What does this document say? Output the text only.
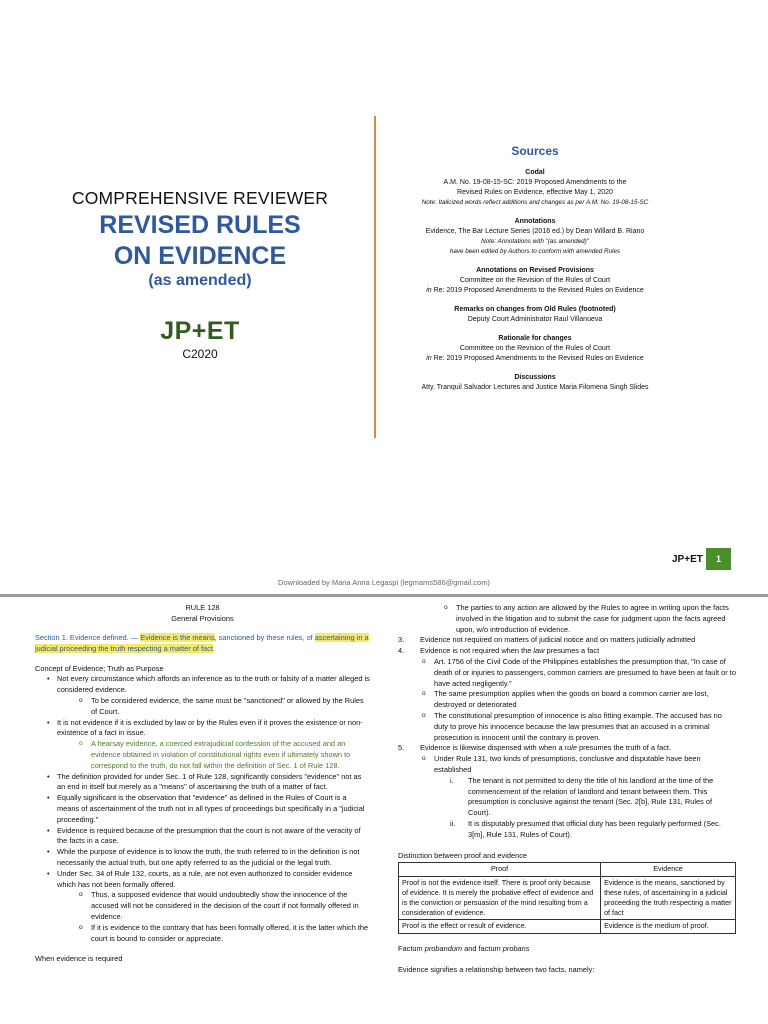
COMPREHENSIVE REVIEWER
REVISED RULES
ON EVIDENCE
(as amended)
JP+ET
C2020
Sources
Codal
A.M. No. 19-08-15-SC: 2019 Proposed Amendments to the
Revised Rules on Evidence, effective May 1, 2020
Note: Italicized words reflect additions and changes as per A.M. No. 19-08-15-SC
Annotations
Evidence, The Bar Lecture Series (2016 ed.) by Dean Willard B. Riano
Note: Annotations with "(as amended)"
have been edited by Authors to conform with amended Rules
Annotations on Revised Provisions
Committee on the Revision of the Rules of Court
in Re: 2019 Proposed Amendments to the Revised Rules on Evidence
Remarks on changes from Old Rules (footnoted)
Deputy Court Administrator Raul Villanueva
Rationale for changes
Committee on the Revision of the Rules of Court
in Re: 2019 Proposed Amendments to the Revised Rules on Evidence
Discussions
Atty. Tranquil Salvador Lectures and Justice Maria Filomena Singh Slides
JP+ET	1
Downloaded by Maria Anna Legaspi (legmams586@gmail.com)
RULE 128
General Provisions
Section 1. Evidence defined. — Evidence is the means, sanctioned by these rules, of ascertaining in a judicial proceeding the truth respecting a matter of fact.
Concept of Evidence; Truth as Purpose
• Not every circumstance which affords an inference as to the truth or falsity of a matter alleged is considered evidence.
o To be considered evidence, the same must be "sanctioned" or allowed by the Rules of Court.
• It is not evidence if it is excluded by law or by the Rules even if it proves the existence or non-existence of a fact in issue.
o A hearsay evidence, a coerced extrajudicial confession of the accused and an evidence obtained in violation of constitutional rights even if ultimately shown to correspond to the truth, do not fall within the definition of Sec. 1 of Rule 128.
• The definition provided for under Sec. 1 of Rule 128, significantly considers "evidence" not as an end in itself but merely as a "means" of ascertaining the truth of a matter of fact.
• Equally significant is the observation that "evidence" as defined in the Rules of Court is a means of ascertainment of the truth not in all types of proceedings but specifically in a "judicial proceeding."
• Evidence is required because of the presumption that the court is not aware of the veracity of the facts in a case.
• While the purpose of evidence is to know the truth, the truth referred to in the definition is not necessarily the actual truth, but one aptly referred to as the judicial or the legal truth.
• Under Sec. 34 of Rule 132, courts, as a rule, are not even authorized to consider evidence which has not been formally offered.
o Thus, a supposed evidence that would undoubtedly show the innocence of the accused will not be considered in the decision of the court if not formally offered in evidence.
o If it is evidence to the contrary that has been formally offered, it is the latter which the court is bound to consider or appreciate.
When evidence is required
o The parties to any action are allowed by the Rules to agree in writing upon the facts involved in the litigation and to submit the case for judgment upon the facts agreed upon, w/o introduction of evidence.
3. Evidence not required on matters of judicial notice and on matters judicially admitted
4. Evidence is not required when the law presumes a fact
o Art. 1756 of the Civil Code of the Philippines establishes the presumption that, "In case of death of or injuries to passengers, common carriers are presumed to have been at fault or to have acted negligently."
o The same presumption applies when the goods on board a common carrier are lost, destroyed or deteriorated
o The constitutional presumption of innocence is also fitting example. The accused has no duty to prove his innocence because the law presumes that an accused in a criminal prosecution is innocent until the contrary is proven.
5. Evidence is likewise dispensed with when a rule presumes the truth of a fact.
o Under Rule 131, two kinds of presumptions, conclusive and disputable have been established
i. The tenant is not permitted to deny the title of his landlord at the time of the commencement of the relation of landlord and tenant between them. This presumption is conclusive against the tenant (Sec. 2[b], Rule 131, Rules of Court).
ii. It is disputably presumed that official duty has been regularly performed (Sec. 3[m], Rule 131, Rules of Court).
Distinction between proof and evidence
Proof	Evidence
Proof is not the evidence itself. There is proof only because of evidence. It is merely the probative effect of evidence and is the conviction or persuasion of the mind resulting from a consideration of evidence.	Evidence is the means, sanctioned by these rules, of ascertaining in a judicial proceeding the truth respecting a matter of fact
Proof is the effect or result of evidence.	Evidence is the medium of proof.
Factum probandum and factum probans
Evidence signifies a relationship between two facts, namely:
